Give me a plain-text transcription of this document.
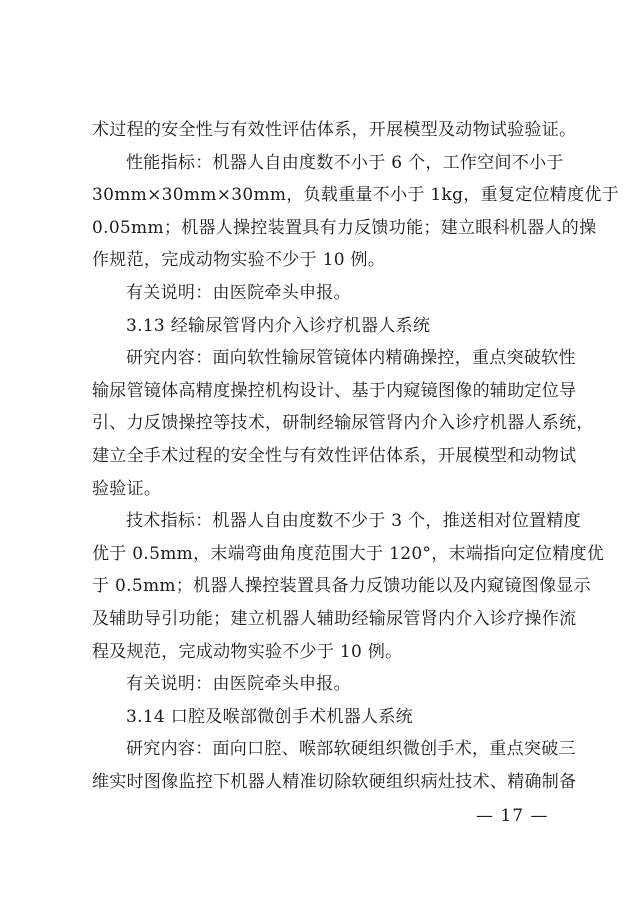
术过程的安全性与有效性评估体系，开展模型及动物试验验证。
性能指标：机器人自由度数不小于 6 个，工作空间不小于
30mm×30mm×30mm，负载重量不小于 1kg，重复定位精度优于
0.05mm；机器人操控装置具有力反馈功能；建立眼科机器人的操
作规范，完成动物实验不少于 10 例。
有关说明：由医院牵头申报。
3.13 经输尿管肾内介入诊疗机器人系统
研究内容：面向软性输尿管镜体内精确操控，重点突破软性
输尿管镜体高精度操控机构设计、基于内窥镜图像的辅助定位导
引、力反馈操控等技术，研制经输尿管肾内介入诊疗机器人系统，
建立全手术过程的安全性与有效性评估体系，开展模型和动物试
验验证。
技术指标：机器人自由度数不少于 3 个，推送相对位置精度
优于 0.5mm，末端弯曲角度范围大于 120°，末端指向定位精度优
于 0.5mm；机器人操控装置具备力反馈功能以及内窥镜图像显示
及辅助导引功能；建立机器人辅助经输尿管肾内介入诊疗操作流
程及规范，完成动物实验不少于 10 例。
有关说明：由医院牵头申报。
3.14 口腔及喉部微创手术机器人系统
研究内容：面向口腔、喉部软硬组织微创手术，重点突破三
维实时图像监控下机器人精准切除软硬组织病灶技术、精确制备
— 17 —
